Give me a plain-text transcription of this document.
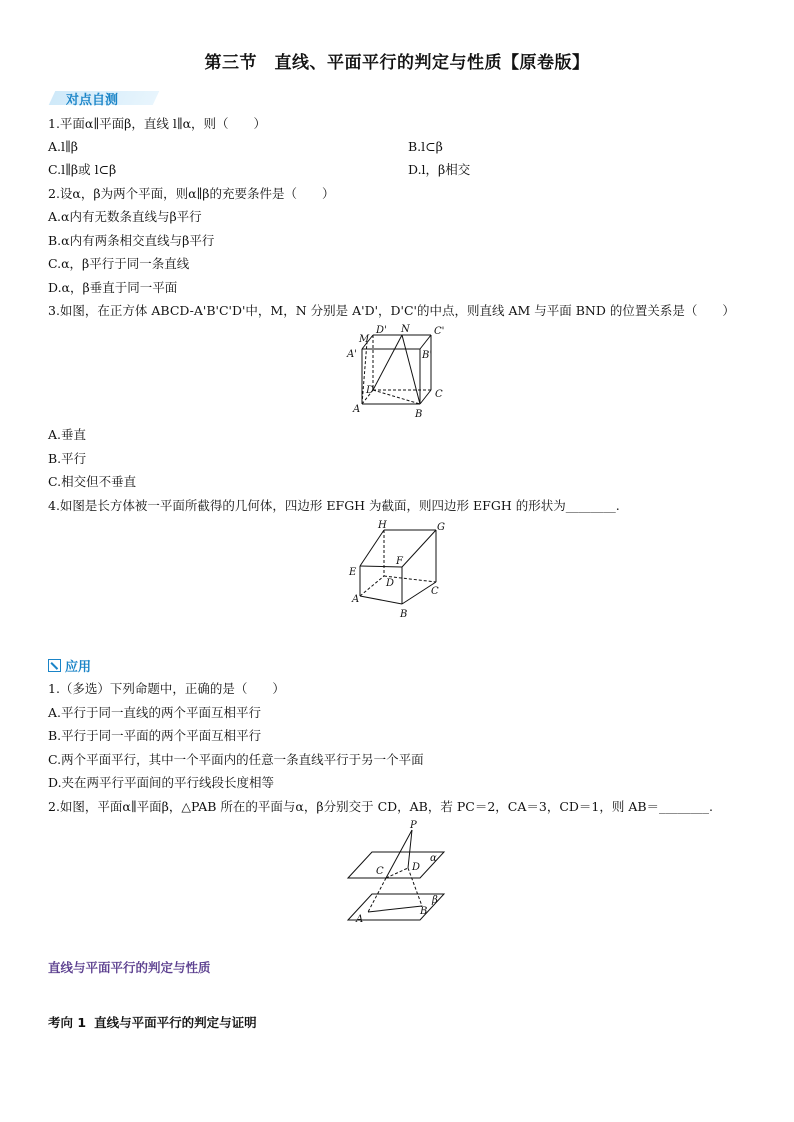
第三节　直线、平面平行的判定与性质【原卷版】
对点自测
1.平面α∥平面β，直线 l∥α，则（　　）
A.l∥β	B.l⊂β
C.l∥β或 l⊂β	D.l，β相交
2.设α，β为两个平面，则α∥β的充要条件是（　　）
A.α内有无数条直线与β平行
B.α内有两条相交直线与β平行
C.α，β平行于同一条直线
D.α，β垂直于同一平面
3.如图，在正方体 ABCD-A'B'C'D'中，M，N 分别是 A'D'，D'C'的中点，则直线 AM 与平面 BND 的位置关系是（　　）
M
D' N C'
A'	B'
D	C
A	B
A.垂直
B.平行
C.相交但不垂直
4.如图是长方体被一平面所截得的几何体，四边形 EFGH 为截面，则四边形 EFGH 的形状为________.
H	G
F
E
D
C
A
B
应用
1.（多选）下列命题中，正确的是（　　）
A.平行于同一直线的两个平面互相平行
B.平行于同一平面的两个平面互相平行
C.两个平面平行，其中一个平面内的任意一条直线平行于另一个平面
D.夹在两平行平面间的平行线段长度相等
2.如图，平面α∥平面β，△PAB 所在的平面与α，β分别交于 CD，AB，若 PC＝2，CA＝3，CD＝1，则 AB＝________.
P
α
C	D
β
A
B
直线与平面平行的判定与性质
考向 1 直线与平面平行的判定与证明
